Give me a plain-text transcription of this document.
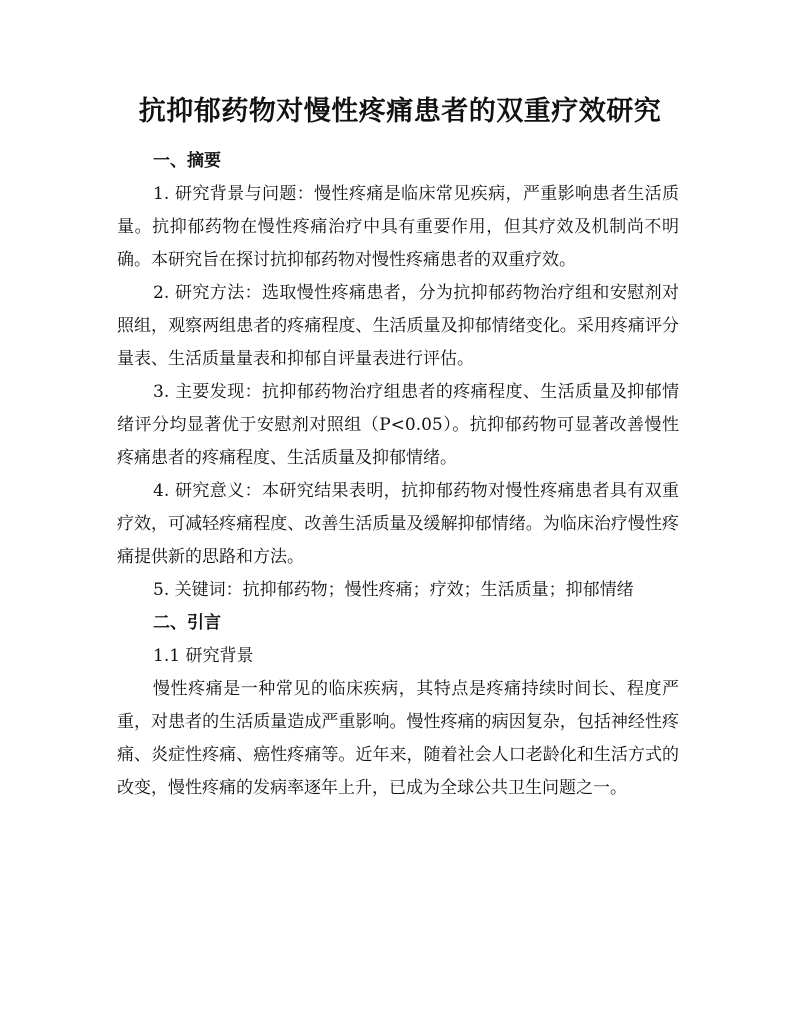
抗抑郁药物对慢性疼痛患者的双重疗效研究

一、摘要

1. 研究背景与问题：慢性疼痛是临床常见疾病，严重影响患者生活质量。抗抑郁药物在慢性疼痛治疗中具有重要作用，但其疗效及机制尚不明确。本研究旨在探讨抗抑郁药物对慢性疼痛患者的双重疗效。

2. 研究方法：选取慢性疼痛患者，分为抗抑郁药物治疗组和安慰剂对照组，观察两组患者的疼痛程度、生活质量及抑郁情绪变化。采用疼痛评分量表、生活质量量表和抑郁自评量表进行评估。

3. 主要发现：抗抑郁药物治疗组患者的疼痛程度、生活质量及抑郁情绪评分均显著优于安慰剂对照组（P<0.05）。抗抑郁药物可显著改善慢性疼痛患者的疼痛程度、生活质量及抑郁情绪。

4. 研究意义：本研究结果表明，抗抑郁药物对慢性疼痛患者具有双重疗效，可减轻疼痛程度、改善生活质量及缓解抑郁情绪。为临床治疗慢性疼痛提供新的思路和方法。

5. 关键词：抗抑郁药物；慢性疼痛；疗效；生活质量；抑郁情绪

二、引言

1.1 研究背景

慢性疼痛是一种常见的临床疾病，其特点是疼痛持续时间长、程度严重，对患者的生活质量造成严重影响。慢性疼痛的病因复杂，包括神经性疼痛、炎症性疼痛、癌性疼痛等。近年来，随着社会人口老龄化和生活方式的改变，慢性疼痛的发病率逐年上升，已成为全球公共卫生问题之一。
